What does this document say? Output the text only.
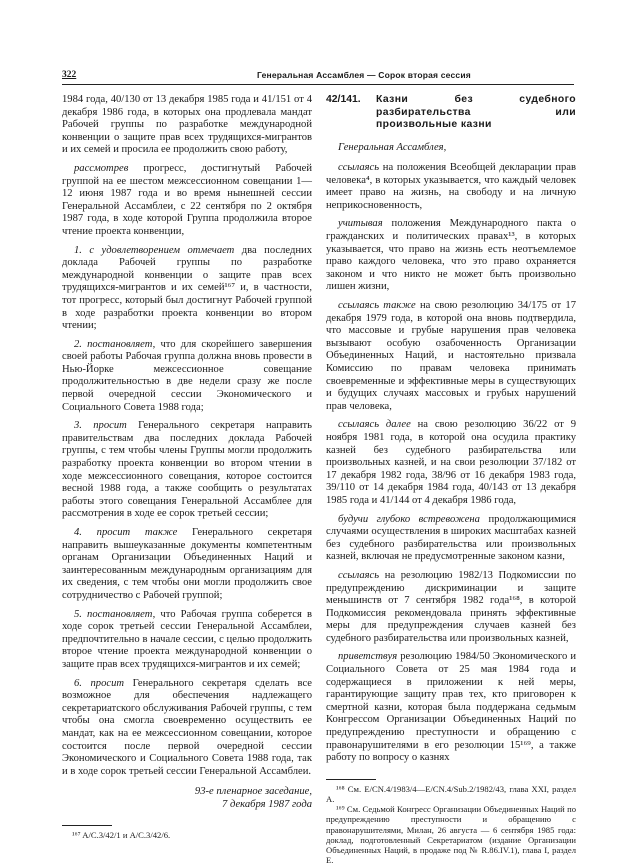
322	Генеральная Ассамблея — Сорок вторая сессия

1984 года, 40/130 от 13 декабря 1985 года и 41/151 от 4 декабря 1986 года, в которых она продлевала мандат Рабочей группы по разработке международной конвенции о защите прав всех трудящихся-мигрантов и их семей и просила ее продолжить свою работу,

рассмотрев прогресс, достигнутый Рабочей группой на ее шестом межсессионном совещании 1—12 июня 1987 года и во время нынешней сессии Генеральной Ассамблеи, с 22 сентября по 2 октября 1987 года, в ходе которой Группа продолжила второе чтение проекта конвенции,

1. с удовлетворением отмечает два последних доклада Рабочей группы по разработке международной конвенции о защите прав всех трудящихся-мигрантов и их семей¹⁶⁷ и, в частности, тот прогресс, который был достигнут Рабочей группой в ходе разработки проекта конвенции во втором чтении;

2. постановляет, что для скорейшего завершения своей работы Рабочая группа должна вновь провести в Нью-Йорке межсессионное совещание продолжительностью в две недели сразу же после первой очередной сессии Экономического и Социального Совета 1988 года;

3. просит Генерального секретаря направить правительствам два последних доклада Рабочей группы, с тем чтобы члены Группы могли продолжить разработку проекта конвенции во втором чтении в ходе межсессионного совещания, которое состоится весной 1988 года, а также сообщить о результатах работы этого совещания Генеральной Ассамблее для рассмотрения в ходе ее сорок третьей сессии;

4. просит также Генерального секретаря направить вышеуказанные документы компетентным органам Организации Объединенных Наций и заинтересованным международным организациям для их сведения, с тем чтобы они могли продолжить свое сотрудничество с Рабочей группой;

5. постановляет, что Рабочая группа соберется в ходе сорок третьей сессии Генеральной Ассамблеи, предпочтительно в начале сессии, с целью продолжить второе чтение проекта международной конвенции о защите прав всех трудящихся-мигрантов и их семей;

6. просит Генерального секретаря сделать все возможное для обеспечения надлежащего секретариатского обслуживания Рабочей группы, с тем чтобы она смогла своевременно осуществить ее мандат, как на ее межсессионном совещании, которое состоится после первой очередной сессии Экономического и Социального Совета 1988 года, так и в ходе сорок третьей сессии Генеральной Ассамблеи.

93-е пленарное заседание,
7 декабря 1987 года

¹⁶⁷ A/C.3/42/1 и A/C.3/42/6.

42/141.	Казни без судебного разбирательства или произвольные казни

Генеральная Ассамблея,

ссылаясь на положения Всеобщей декларации прав человека⁴, в которых указывается, что каждый человек имеет право на жизнь, на свободу и на личную неприкосновенность,

учитывая положения Международного пакта о гражданских и политических правах¹³, в которых указывается, что право на жизнь есть неотъемлемое право каждого человека, что это право охраняется законом и что никто не может быть произвольно лишен жизни,

ссылаясь также на свою резолюцию 34/175 от 17 декабря 1979 года, в которой она вновь подтвердила, что массовые и грубые нарушения прав человека вызывают особую озабоченность Организации Объединенных Наций, и настоятельно призвала Комиссию по правам человека принимать своевременные и эффективные меры в существующих и будущих случаях массовых и грубых нарушений прав человека,

ссылаясь далее на свою резолюцию 36/22 от 9 ноября 1981 года, в которой она осудила практику казней без судебного разбирательства или произвольных казней, и на свои резолюции 37/182 от 17 декабря 1982 года, 38/96 от 16 декабря 1983 года, 39/110 от 14 декабря 1984 года, 40/143 от 13 декабря 1985 года и 41/144 от 4 декабря 1986 года,

будучи глубоко встревожена продолжающимися случаями осуществления в широких масштабах казней без судебного разбирательства или произвольных казней, включая не предусмотренные законом казни,

ссылаясь на резолюцию 1982/13 Подкомиссии по предупреждению дискриминации и защите меньшинств от 7 сентября 1982 года¹⁶⁸, в которой Подкомиссия рекомендовала принять эффективные меры для предупреждения случаев казней без судебного разбирательства или произвольных казней,

приветствуя резолюцию 1984/50 Экономического и Социального Совета от 25 мая 1984 года и содержащиеся в приложении к ней меры, гарантирующие защиту прав тех, кто приговорен к смертной казни, которая была поддержана седьмым Конгрессом Организации Объединенных Наций по предупреждению преступности и обращению с правонарушителями в его резолюции 15¹⁶⁹, а также работу по вопросу о казнях

¹⁶⁸ См. E/CN.4/1983/4—E/CN.4/Sub.2/1982/43, глава XXI, раздел А.

¹⁶⁹ См. Седьмой Конгресс Организации Объединенных Наций по предупреждению преступности и обращению с правонарушителями, Милан, 26 августа — 6 сентября 1985 года: доклад, подготовленный Секретариатом (издание Организации Объединенных Наций, в продаже под № R.86.IV.1), глава I, раздел Е.
